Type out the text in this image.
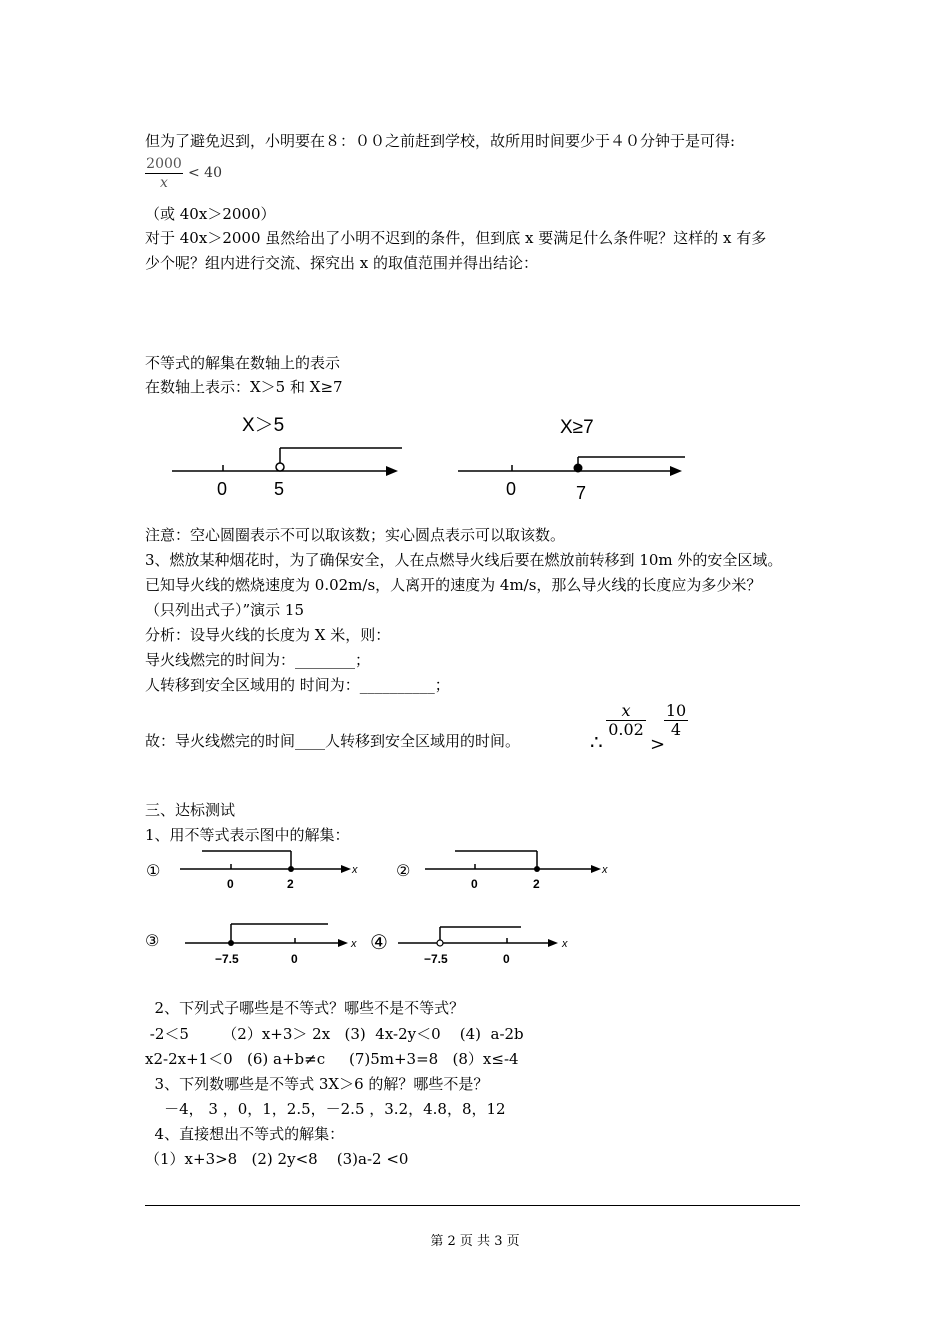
但为了避免迟到，小明要在８：００之前赶到学校，故所用时间要少于４０分钟于是可得:
2000
x
< 40
（或 40x＞2000）
对于 40x＞2000 虽然给出了小明不迟到的条件，但到底 x 要满足什么条件呢？这样的 x 有多
少个呢？组内进行交流、探究出 x 的取值范围并得出结论：
不等式的解集在数轴上的表示
在数轴上表示：X＞5 和 X≥7
X＞5
0	5
X≥7
0	7
注意：空心圆圈表示不可以取该数；实心圆点表示可以取该数。
3、燃放某种烟花时，为了确保安全，人在点燃导火线后要在燃放前转移到 10m 外的安全区域。
已知导火线的燃烧速度为 0.02m/s，人离开的速度为 4m/s，那么导火线的长度应为多少米？
（只列出式子）”演示 15
分析：设导火线的长度为 X 米，则：
导火线燃完的时间为：________；
人转移到安全区域用的 时间为：__________；
故：导火线燃完的时间____人转移到安全区域用的时间。	∴
x
0.02
>
10
4
三、达标测试
1、用不等式表示图中的解集：
①	x
0	2
②	x
0	2
③	x
−7.5	0
④	x
−7.5	0
2、下列式子哪些是不等式？哪些不是不等式？
-2＜5       （2）x+3＞ 2x   (3)  4x-2y＜0    (4)  a-2b
x2-2x+1＜0   (6) a+b≠c     (7)5m+3=8   (8）x≤-4
3、下列数哪些是不等式 3X＞6 的解？哪些不是？
－4， 3 ，0，1，2.5，－2.5 ，3.2，4.8，8，12
4、直接想出不等式的解集：
（1）x+3>8   (2) 2y<8    (3)a-2 <0
第 2 页 共 3 页
